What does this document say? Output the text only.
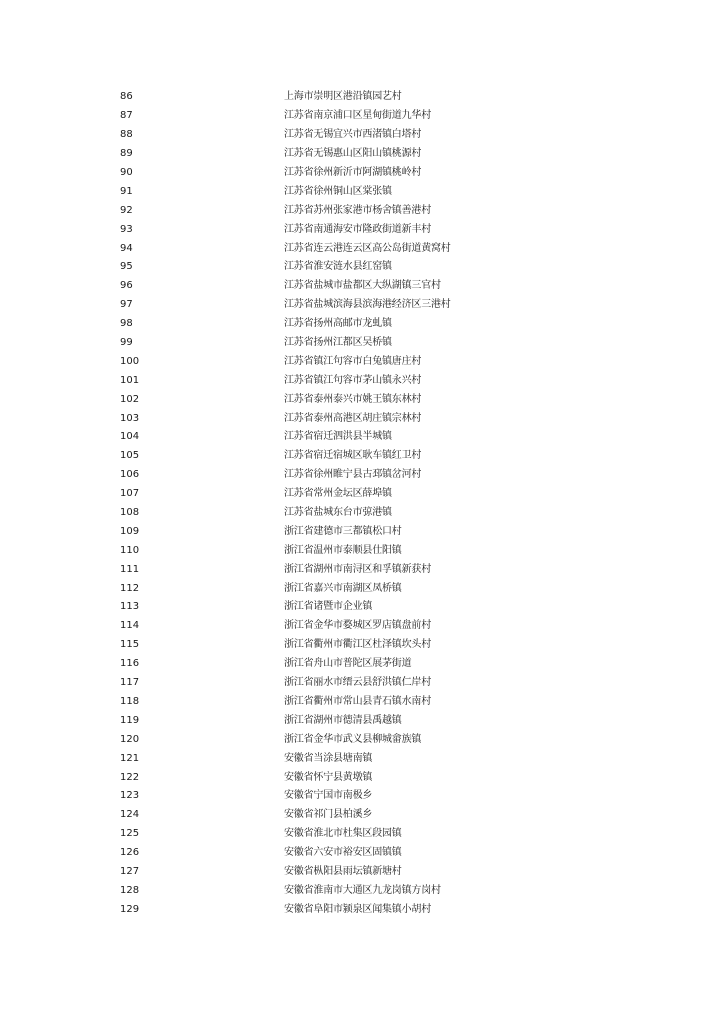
86	上海市崇明区港沿镇园艺村
87	江苏省南京浦口区星甸街道九华村
88	江苏省无锡宜兴市西渚镇白塔村
89	江苏省无锡惠山区阳山镇桃源村
90	江苏省徐州新沂市阿湖镇桃岭村
91	江苏省徐州铜山区棠张镇
92	江苏省苏州张家港市杨舍镇善港村
93	江苏省南通海安市隆政街道新丰村
94	江苏省连云港连云区高公岛街道黄窝村
95	江苏省淮安涟水县红窑镇
96	江苏省盐城市盐都区大纵湖镇三官村
97	江苏省盐城滨海县滨海港经济区三港村
98	江苏省扬州高邮市龙虬镇
99	江苏省扬州江都区吴桥镇
100	江苏省镇江句容市白兔镇唐庄村
101	江苏省镇江句容市茅山镇永兴村
102	江苏省泰州泰兴市姚王镇东林村
103	江苏省泰州高港区胡庄镇宗林村
104	江苏省宿迁泗洪县半城镇
105	江苏省宿迁宿城区耿车镇红卫村
106	江苏省徐州睢宁县古邳镇岔河村
107	江苏省常州金坛区薛埠镇
108	江苏省盐城东台市弶港镇
109	浙江省建德市三都镇松口村
110	浙江省温州市泰顺县仕阳镇
111	浙江省湖州市南浔区和孚镇新获村
112	浙江省嘉兴市南湖区凤桥镇
113	浙江省诸暨市企业镇
114	浙江省金华市婺城区罗店镇盘前村
115	浙江省衢州市衢江区杜泽镇坎头村
116	浙江省舟山市普陀区展茅街道
117	浙江省丽水市缙云县舒洪镇仁岸村
118	浙江省衢州市常山县青石镇水南村
119	浙江省湖州市德清县禹越镇
120	浙江省金华市武义县柳城畲族镇
121	安徽省当涂县塘南镇
122	安徽省怀宁县黄墩镇
123	安徽省宁国市南极乡
124	安徽省祁门县柏溪乡
125	安徽省淮北市杜集区段园镇
126	安徽省六安市裕安区固镇镇
127	安徽省枞阳县雨坛镇新塘村
128	安徽省淮南市大通区九龙岗镇方岗村
129	安徽省阜阳市颍泉区闻集镇小胡村
